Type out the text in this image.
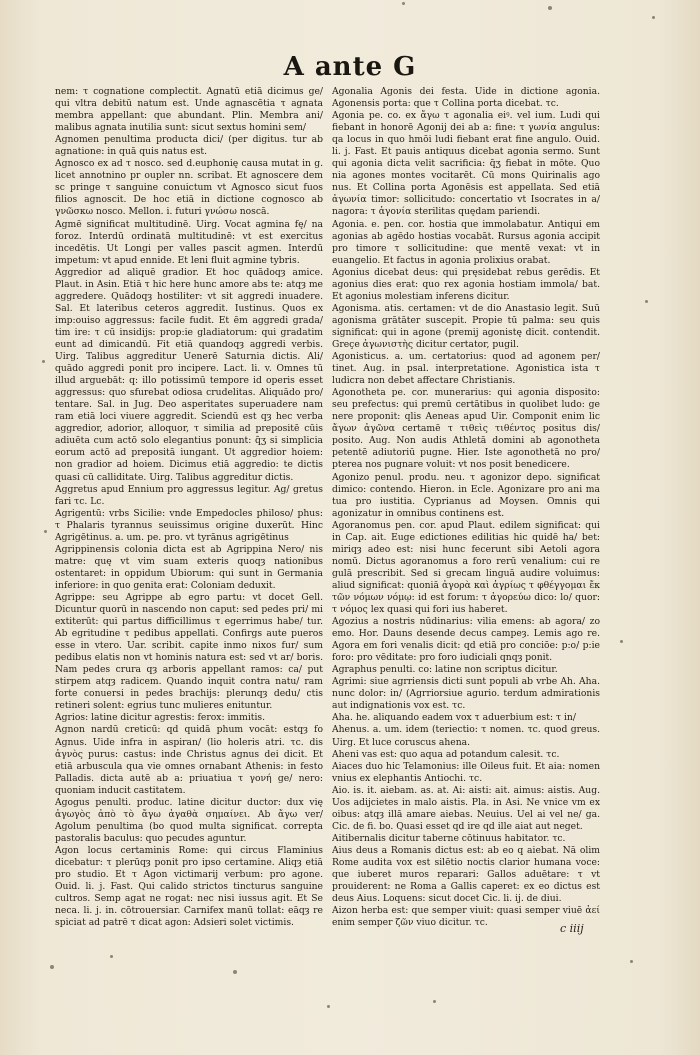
A ante G

nem: τ cognatione complectit. Agnatū etiā dicimus ge/ qui vltra debitū natum est. Unde agnascētia τ agnata membra appellant: que abundant. Plin. Membra ani/ malibus agnata inutilia sunt: sicut sextus homini sem/

Agnomen penultima producta dici/ (per digitus. tur ab agnatione: in quā quis natus est.

Agnosco ex ad τ nosco. sed d.euphonię causa mutat in g. licet annotnino pr oupler nn. scribat. Et agnoscere dem sc pringe τ sanguine conuictum vt Agnosco sicut fuos filios agnoscit. De hoc etiā in dictione cognosco ab γνῶσκω nosco. Mellon. i. futuri γνώσω noscā.

Agmē significat multitudinē. Uirg. Vocat agmina fę/ na foroz. Interdū ordinatā multitudinē: vt est exercitus incedētis. Ut Longi per valles pascit agmen. Interdū impetum: vt apud ennide. Et leni fluit agmine tybris.

Aggredior ad aliquē gradior. Et hoc quādoqȝ amice. Plaut. in Asin. Etiā τ hic here hunc amore abs te: atqȝ me aggredere. Quādoqȝ hostiliter: vt sit aggredi inuadere. Sal. Et lateribus ceteros aggredit. Iustinus. Quos ex imp:ouiso aggressus: facile fudit. Et ēm aggredi grada/ tim ire: τ cū insidijs: prop:ie gladiatorum: qui gradatim eunt ad dimicandū. Fit etiā quandoqȝ aggredi verbis. Uirg. Talibus aggreditur Uenerē Saturnia dictis. Ali/ quādo aggredi ponit pro incipere. Lact. li. v. Omnes tū illud arguebāt: q: illo potissimū tempore id operis esset aggressus: quo sfurebat odiosa crudelitas. Aliquādo pro/ tentare. Sal. in Jug. Deo asperitates superuadere nam ram etiā loci viuere aggredit. Sciendū est qȝ hec verba aggredior, adorior, alloquor, τ similia ad prepositē cūis adiuēta cum actō solo elegantius ponunt: q̄ʒ si simplicia eorum actō ad prepositā iungant. Ut aggredior hoiem: non gradior ad hoiem. Dicimus etiā aggredio: te dictis quasi cū calliditate. Uirg. Talibus aggreditur dictis.

Aggretus apud Ennium pro aggressus legitur. Ag/ gretus fari τc. Lc.

Agrigentū: vrbs Sicilie: vnde Empedocles philoso/ phus: τ Phalaris tyrannus seuissimus origine duxerūt. Hinc Agrigētinus. a. um. pe. pro. vt tyrānus agrigētinus

Agrippinensis colonia dicta est ab Agrippina Nero/ nis matre: quę vt vim suam exteris quoqȝ nationibus ostentaret: in oppidum Ubiorum: qui sunt in Germania inferiore: in quo genita erat: Coloniam deduxit.

Agrippe: seu Agrippe ab egro partu: vt docet Gell. Dicuntur quorū in nascendo non caput: sed pedes pri/ mi extiterūt: qui partus difficillimus τ egerrimus habe/ tur. Ab egritudine τ pedibus appellati. Confirgs aute pueros esse in vtero. Uar. scribit. capite inmo nixos fur/ sum pedibus elatis non vt hominis natura est: sed vt ar/ boris. Nam pedes crura qȝ arboris appellant ramos: ca/ put stirpem atqȝ radicem. Quando inquit contra natu/ ram forte conuersi in pedes brachijs: plerunqȝ dedu/ ctis retineri solent: egrius tunc mulieres enituntur.

Agrios: latine dicitur agrestis: ferox: immitis.

Agnon nardū creticū: qd quidā phum vocāt: estqȝ fo Agnus. Uide infra in aspiran/ (lio holeris atri. τc. dis ἁγνὸς purus: castus: inde Christus agnus dei dicit. Et etiā arbuscula qua vie omnes ornabant Athenis: in festo Palladis. dicta autē ab a: priuatiua τ γονή ge/ nero: quoniam inducit castitatem.

Agogus penulti. produc. latine dicitur ductor: dux vię ἀγωγὸς ἀπὸ τὸ ἄγω ἀγαθὰ σημαίνει. Ab ἄγω ver/ Agolum penultima (bo quod multa significat. correpta pastoralis baculus: quo pecudes aguntur.

Agon locus certaminis Rome: qui circus Flaminius dicebatur: τ plerūqȝ ponit pro ipso certamine. Aliqȝ etiā pro studio. Et τ Agon victimarij verbum: pro agone. Ouid. li. j. Fast. Qui calido strictos tincturus sanguine cultros. Semp agat ne rogat: nec nisi iussus agit. Et Se neca. li. j. in. cōtrouersiar. Carnifex manū tollat: eāqȝ re spiciat ad patrē τ dicat agon: Adsieri solet victimis.

Agonalia Agonis dei festa. Uide in dictione agonia. Agonensis porta: que τ Collina porta dicebat. τc.

Agonia pe. co. ex ἄγω τ agonalia eiꝰ. vel ium. Ludi qui fiebant in honorē Agonij dei ab a: fine: τ γωνία angulus: qa locus in quo hmōi ludi fiebant erat fine angulo. Ouid. li. j. Fast. Et pauis antiquus dicebat agonia sermo. Sunt qui agonia dicta velit sacrificia: q̄ʒ fiebat in mōte. Quo nia agones montes vocitarēt. Cū mons Quirinalis ago nus. Et Collina porta Agonēsis est appellata. Sed etiā ἀγωνία timor: sollicitudo: concertatio vt Isocrates in a/ nagora: τ ἀγονία sterilitas quędam pariendi.

Agonia. e. pen. cor. hostia que immolabatur. Antiqui em agonias ab agēdo hostias vocabāt. Rursus agonia accipit pro timore τ sollicitudine: que mentē vexat: vt in euangelio. Et factus in agonia prolixius orabat.

Agonius dicebat deus: qui pręsidebat rebus gerēdis. Et agonius dies erat: quo rex agonia hostiam immola/ bat. Et agonius molestiam inferens dicitur.

Agonisma. atis. certamen: vt de dio Anastasio legit. Suū agonisma grātāter suscepit. Propie tū palma: seu quis significat: qui in agone (premij agonistę dicit. contendit. Greçe ἀγωνιστὴς dicitur certator, pugil.

Agonisticus. a. um. certatorius: quod ad agonem per/ tinet. Aug. in psal. interpretatione. Agonistica ista τ ludicra non debet affectare Christianis.

Agonotheta pe. cor. munerarius: qui agonia disposito: seu prefectus: qui premū certātibus in quolibet ludo: ge nere proponit: qlis Aeneas apud Uir. Componit enim lic ἄγων ἀγῶνα certamē τ τιθεὶς τιθέντος positus dis/ posito. Aug. Non audis Athletā domini ab agonotheta petentē adiutoriū pugne. Hier. Iste agonothetā no pro/ pterea nos pugnare voluit: vt nos posit benedicere.

Agonizo penul. produ. neu. τ agonizor depo. significat dimico: contendo. Hieron. in Ecle. Agonizare pro ani ma tua pro iustitia. Cyprianus ad Moysen. Omnis qui agonizatur in omnibus continens est.

Agoranomus pen. cor. apud Plaut. edilem significat: qui in Cap. ait. Euge edictiones edilitias hic quidē ha/ bet: miriqȝ adeo est: nisi hunc fecerunt sibi Aetoli agora nomū. Dictus agoranomus a foro rerū venalium: cui re gulā prescribit. Sed si grecam linguā audire voluimus: aliud significat: quoniā ἀγορὰ καὶ ἀγρίως τ φθέγγομαι ἔκ τῶν νόμων νόμῳ: id est forum: τ ἀγορεύω dico: lo/ quor: τ νόμος lex quasi qui fori ius haberet.

Agozius a nostris nūdinarius: vilia emens: ab agora/ zo emo. Hor. Dauns desende decus campeȝ. Lemis ago re. Agora em fori venalis dicit: qd etiā pro conciōe: p:o/ p:ie foro: pro vēditate: pro foro iudiciali qnqȝ ponit.

Agraphus penulti. co: latine non scriptus dicitur.

Agrimi: siue agrriensis dicti sunt populi ab vrbe Ah. Aha. nunc dolor: in/ (Agrriorsiue agurio. terdum admirationis aut indignationis vox est. τc.

Aha. he. aliquando eadem vox τ aduerbium est: τ in/

Ahenus. a. um. idem (teriectio: τ nomen. τc. quod greus. Uirg. Et luce coruscus ahena.

Aheni vas est: quo aqua ad potandum calesit. τc.

Aiaces duo hic Telamonius: ille Oileus fuit. Et aia: nomen vnius ex elephantis Antiochi. τc.

Aio. is. it. aiebam. as. at. Ai: aisti: ait. aimus: aistis. Aug. Uos adijcietes in malo aistis. Pla. in Asi. Ne vnice vm ex oibus: atqȝ illā amare aiebas. Neuius. Uel ai vel ne/ ga. Cic. de fi. bo. Quasi esset qd ire qd ille aiat aut neget.

Aitibernalis dicitur taberne cōtinuus habitator. τc.

Aius deus a Romanis dictus est: ab eo q aiebat. Nā olim Rome audita vox est silētio noctis clarior humana voce: que iuberet muros reparari: Gallos aduētare: τ vt prouiderent: ne Roma a Gallis caperet: ex eo dictus est deus Aius. Loquens: sicut docet Cic. li. ij. de diui.

Aizon herba est: que semper viuit: quasi semper viuē ἀεί enim semper ζῶν viuo dicitur. τc.	c iiij
